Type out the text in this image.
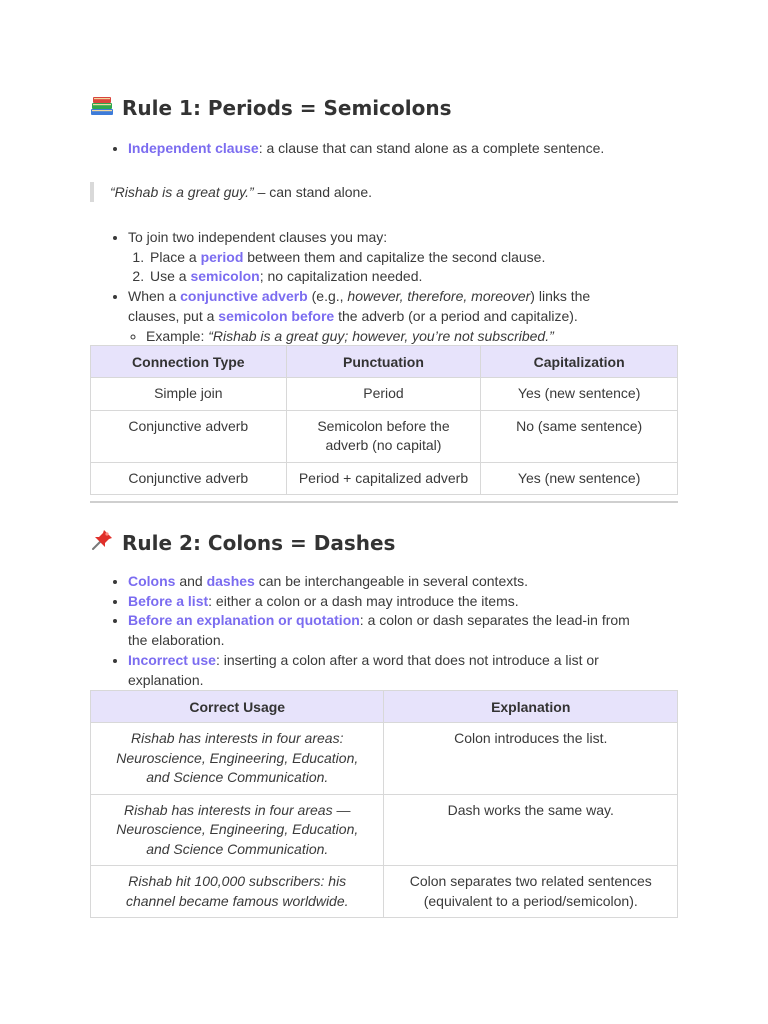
Rule 1: Periods = Semicolons
• Independent clause: a clause that can stand alone as a complete sentence.
“Rishab is a great guy.” – can stand alone.
• To join two independent clauses you may:
1. Place a period between them and capitalize the second clause.
2. Use a semicolon; no capitalization needed.
• When a conjunctive adverb (e.g., however, therefore, moreover) links the clauses, put a semicolon before the adverb (or a period and capitalize).
◦ Example: “Rishab is a great guy; however, you’re not subscribed.”
Connection Type	Punctuation	Capitalization
Simple join	Period	Yes (new sentence)
Conjunctive adverb	Semicolon before the adverb (no capital)	No (same sentence)
Conjunctive adverb	Period + capitalized adverb	Yes (new sentence)
Rule 2: Colons = Dashes
• Colons and dashes can be interchangeable in several contexts.
• Before a list: either a colon or a dash may introduce the items.
• Before an explanation or quotation: a colon or dash separates the lead-in from the elaboration.
• Incorrect use: inserting a colon after a word that does not introduce a list or explanation.
Correct Usage	Explanation
Rishab has interests in four areas: Neuroscience, Engineering, Education, and Science Communication.	Colon introduces the list.
Rishab has interests in four areas — Neuroscience, Engineering, Education, and Science Communication.	Dash works the same way.
Rishab hit 100,000 subscribers: his channel became famous worldwide.	Colon separates two related sentences (equivalent to a period/semicolon).
